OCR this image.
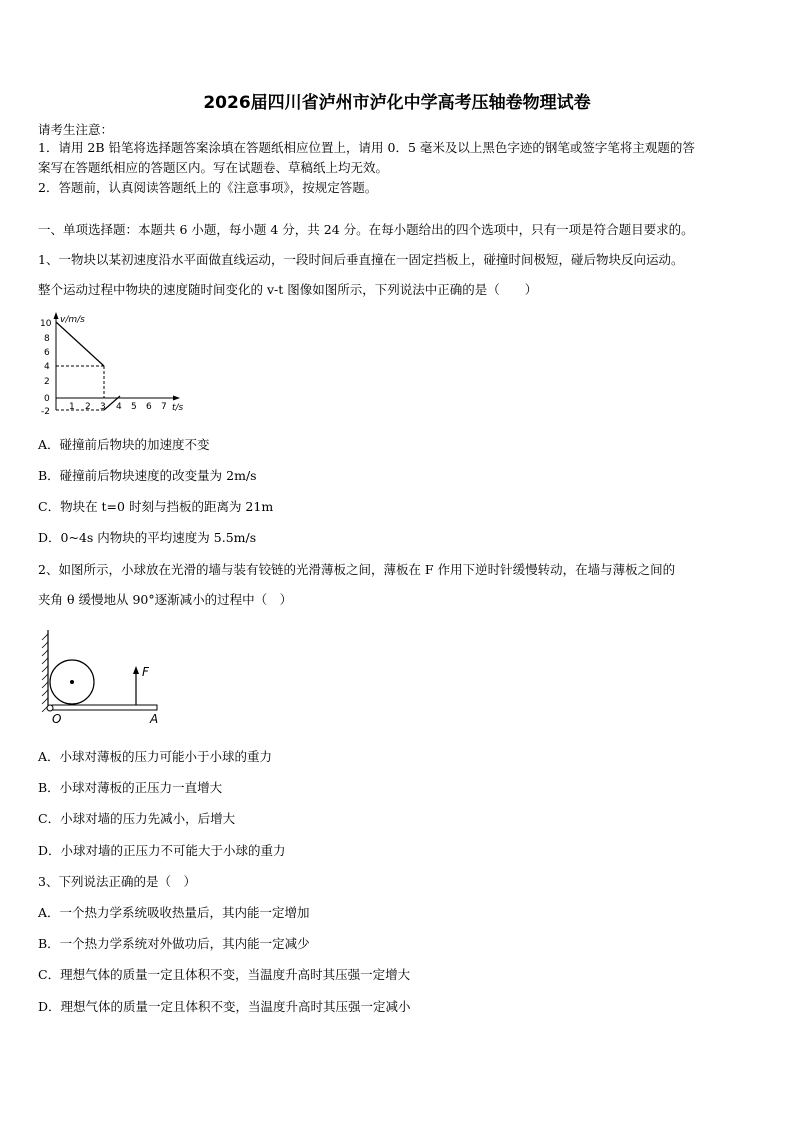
2026届四川省泸州市泸化中学高考压轴卷物理试卷
请考生注意：
1．请用 2B 铅笔将选择题答案涂填在答题纸相应位置上，请用 0．5 毫米及以上黑色字迹的钢笔或签字笔将主观题的答
案写在答题纸相应的答题区内。写在试题卷、草稿纸上均无效。
2．答题前，认真阅读答题纸上的《注意事项》，按规定答题。
一、单项选择题：本题共 6 小题，每小题 4 分，共 24 分。在每小题给出的四个选项中，只有一项是符合题目要求的。
1、一物块以某初速度沿水平面做直线运动，一段时间后垂直撞在一固定挡板上，碰撞时间极短，碰后物块反向运动。
整个运动过程中物块的速度随时间变化的 v-t 图像如图所示，下列说法中正确的是（　　）
v/m/s
t/s
10
8
6
4
2
0
-2 1 2 3 4 5 6 7
A．碰撞前后物块的加速度不变
B．碰撞前后物块速度的改变量为 2m/s
C．物块在 t=0 时刻与挡板的距离为 21m
D．0~4s 内物块的平均速度为 5.5m/s
2、如图所示，小球放在光滑的墙与装有铰链的光滑薄板之间，薄板在 F 作用下逆时针缓慢转动，在墙与薄板之间的
夹角 θ 缓慢地从 90°逐渐减小的过程中（　）
F
O	A
A．小球对薄板的压力可能小于小球的重力
B．小球对薄板的正压力一直增大
C．小球对墙的压力先减小，后增大
D．小球对墙的正压力不可能大于小球的重力
3、下列说法正确的是（　）
A．一个热力学系统吸收热量后，其内能一定增加
B．一个热力学系统对外做功后，其内能一定减少
C．理想气体的质量一定且体积不变，当温度升高时其压强一定增大
D．理想气体的质量一定且体积不变，当温度升高时其压强一定减小
